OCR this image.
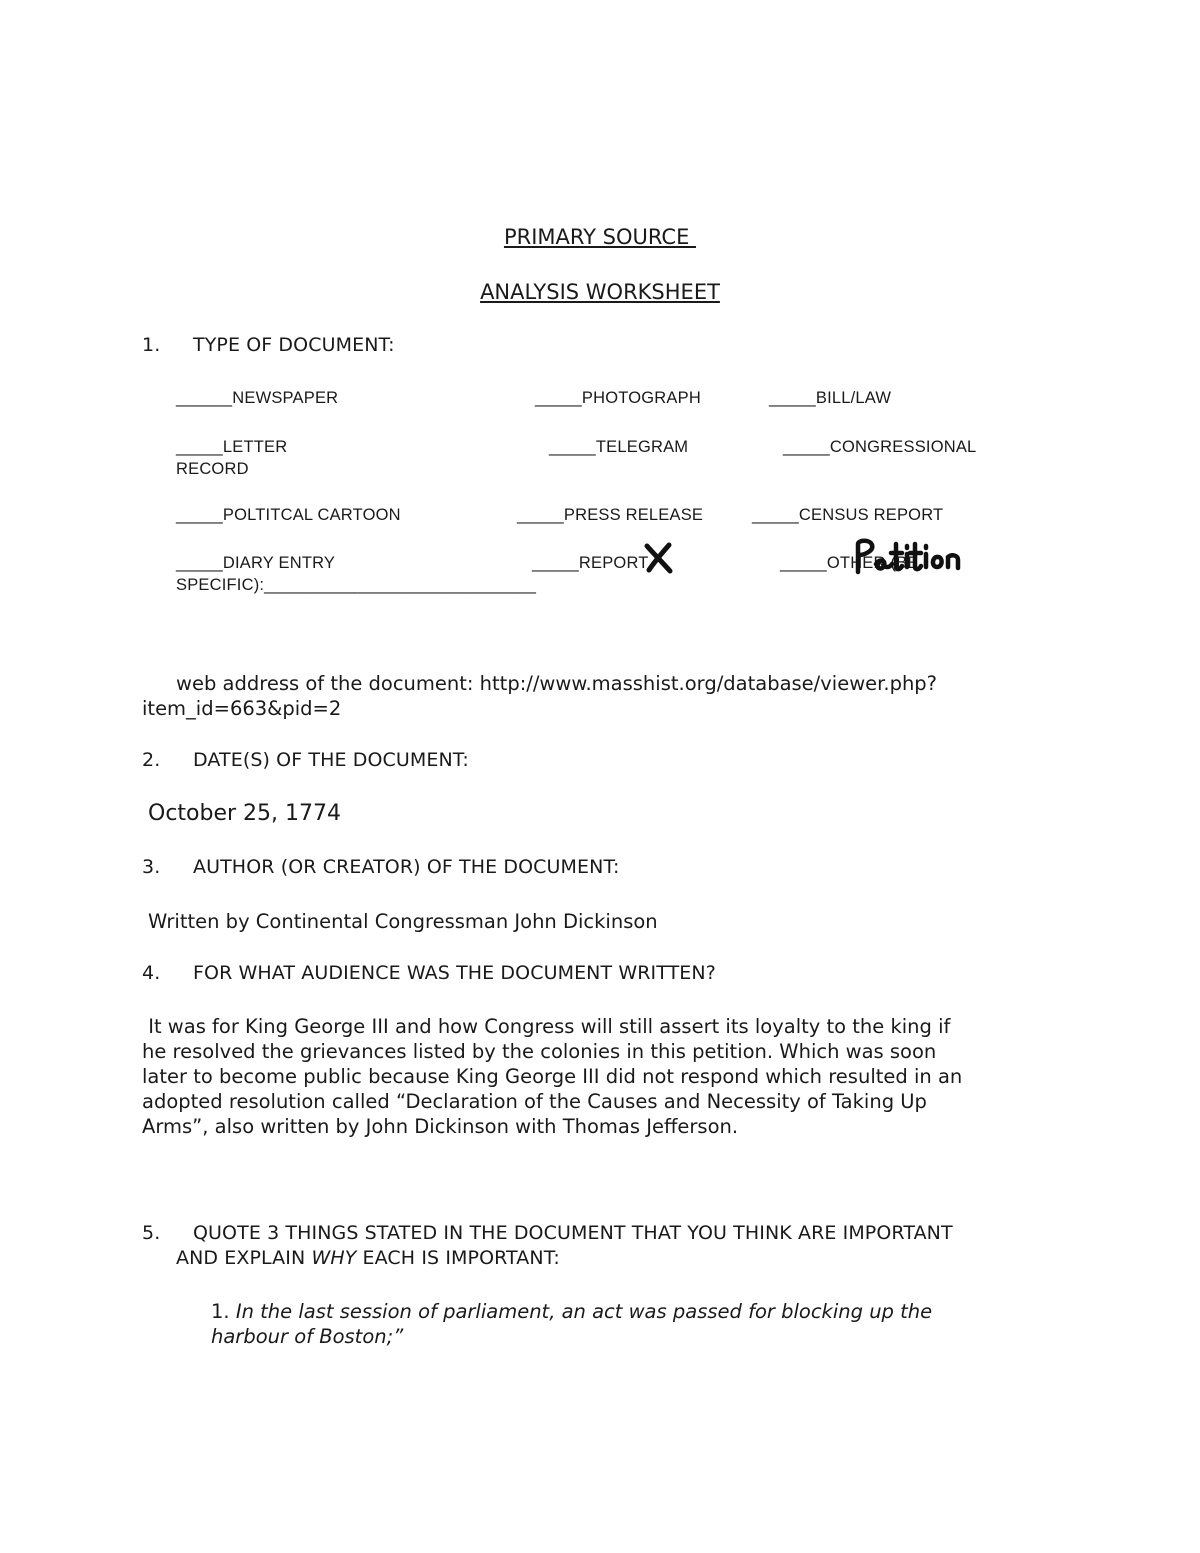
PRIMARY SOURCE
ANALYSIS WORKSHEET
1. TYPE OF DOCUMENT:
______NEWSPAPER	_____PHOTOGRAPH	_____BILL/LAW
_____LETTER	_____TELEGRAM	_____CONGRESSIONAL
RECORD
_____POLTITCAL CARTOON	_____PRESS RELEASE	_____CENSUS REPORT
_____DIARY ENTRY	_____REPORT	_____OTHER (BE
SPECIFIC):_____________________________
web address of the document: http://www.masshist.org/database/viewer.php?
item_id=663&pid=2
2. DATE(S) OF THE DOCUMENT:
October 25, 1774
3. AUTHOR (OR CREATOR) OF THE DOCUMENT:
Written by Continental Congressman John Dickinson
4. FOR WHAT AUDIENCE WAS THE DOCUMENT WRITTEN?
It was for King George III and how Congress will still assert its loyalty to the king if
he resolved the grievances listed by the colonies in this petition. Which was soon
later to become public because King George III did not respond which resulted in an
adopted resolution called “Declaration of the Causes and Necessity of Taking Up
Arms”, also written by John Dickinson with Thomas Jefferson.
5. QUOTE 3 THINGS STATED IN THE DOCUMENT THAT YOU THINK ARE IMPORTANT
AND EXPLAIN WHY EACH IS IMPORTANT:
1. In the last session of parliament, an act was passed for blocking up the
harbour of Boston;”
